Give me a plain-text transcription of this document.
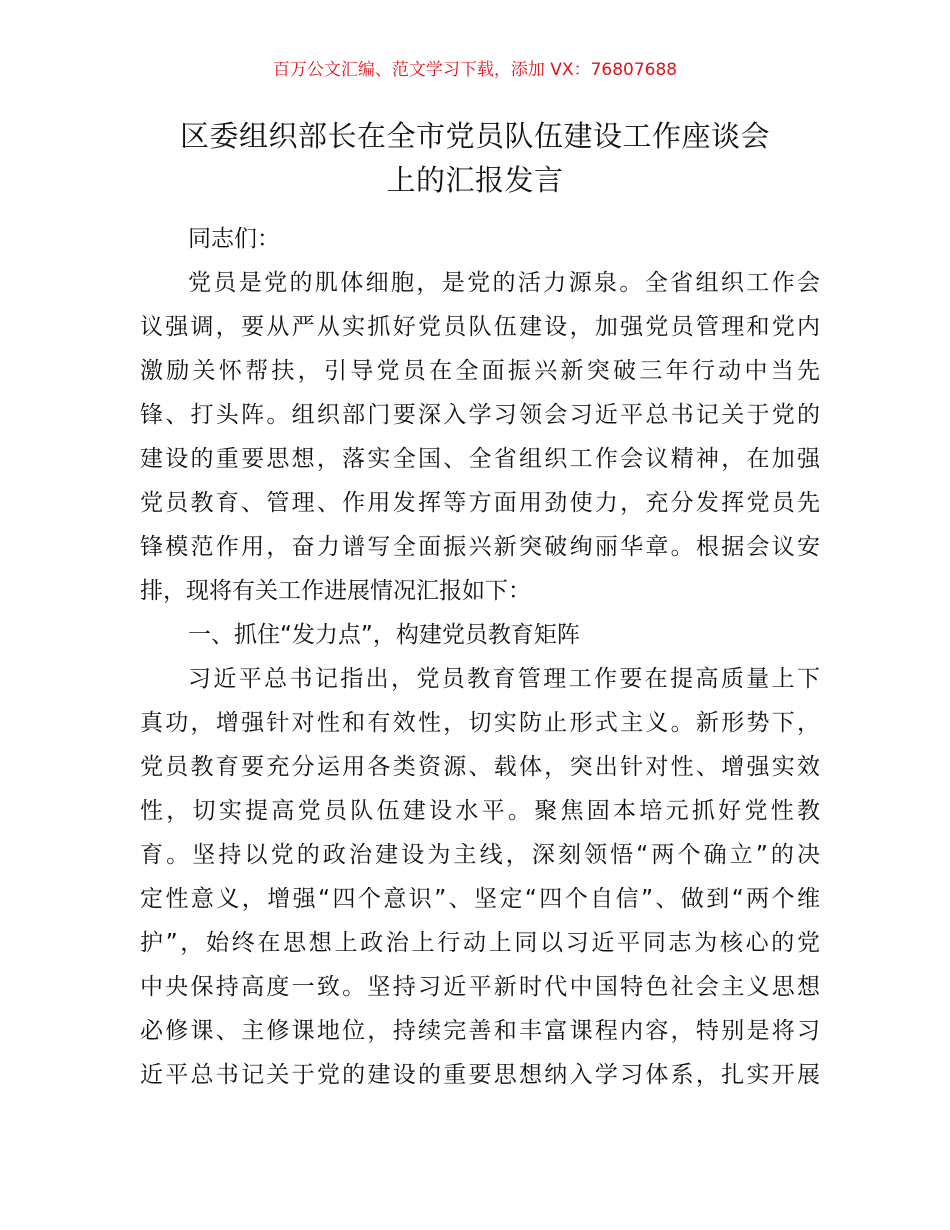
百万公文汇编、范文学习下载，添加 VX：76807688
区委组织部长在全市党员队伍建设工作座谈会
上的汇报发言
同志们：
党员是党的肌体细胞，是党的活力源泉。全省组织工作会
议强调，要从严从实抓好党员队伍建设，加强党员管理和党内
激励关怀帮扶，引导党员在全面振兴新突破三年行动中当先
锋、打头阵。组织部门要深入学习领会习近平总书记关于党的
建设的重要思想，落实全国、全省组织工作会议精神，在加强
党员教育、管理、作用发挥等方面用劲使力，充分发挥党员先
锋模范作用，奋力谱写全面振兴新突破绚丽华章。根据会议安
排，现将有关工作进展情况汇报如下：
一、抓住“发力点”，构建党员教育矩阵
习近平总书记指出，党员教育管理工作要在提高质量上下
真功，增强针对性和有效性，切实防止形式主义。新形势下，
党员教育要充分运用各类资源、载体，突出针对性、增强实效
性，切实提高党员队伍建设水平。聚焦固本培元抓好党性教
育。坚持以党的政治建设为主线，深刻领悟“两个确立”的决
定性意义，增强“四个意识”、坚定“四个自信”、做到“两个维
护”，始终在思想上政治上行动上同以习近平同志为核心的党
中央保持高度一致。坚持习近平新时代中国特色社会主义思想
必修课、主修课地位，持续完善和丰富课程内容，特别是将习
近平总书记关于党的建设的重要思想纳入学习体系，扎实开展
